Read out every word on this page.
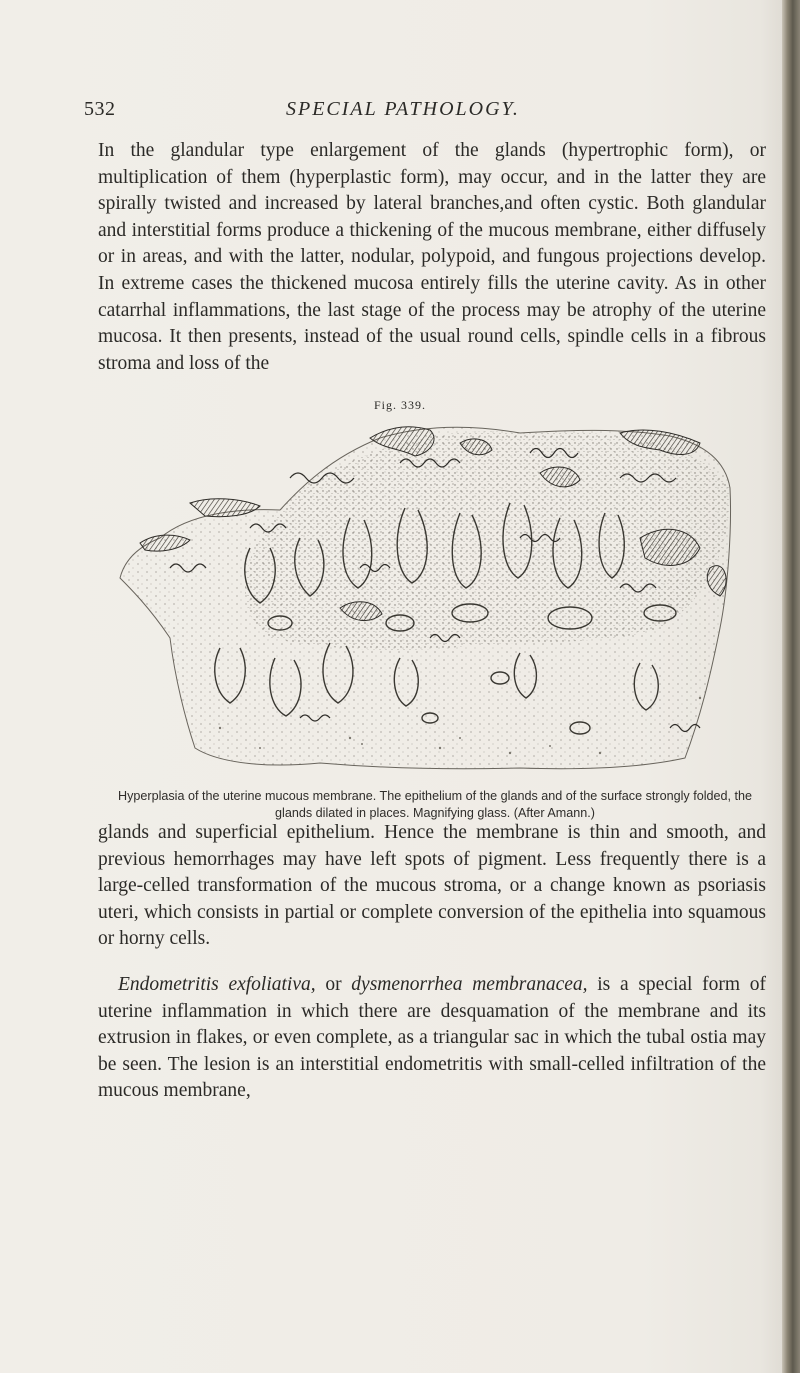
532	SPECIAL PATHOLOGY.

In the glandular type enlargement of the glands (hypertrophic form), or multiplication of them (hyperplastic form), may occur, and in the latter they are spirally twisted and increased by lateral branches,and often cystic. Both glandular and interstitial forms produce a thickening of the mucous membrane, either diffusely or in areas, and with the latter, nodular, polypoid, and fungous projections develop. In extreme cases the thickened mucosa entirely fills the uterine cavity. As in other catarrhal inflammations, the last stage of the process may be atrophy of the uterine mucosa. It then presents, instead of the usual round cells, spindle cells in a fibrous stroma and loss of the

Fig. 339.
Hyperplasia of the uterine mucous membrane. The epithelium of the glands and of the surface strongly folded, the glands dilated in places. Magnifying glass. (After Amann.)

glands and superficial epithelium. Hence the membrane is thin and smooth, and previous hemorrhages may have left spots of pigment. Less frequently there is a large-celled transformation of the mucous stroma, or a change known as psoriasis uteri, which consists in partial or complete conversion of the epithelia into squamous or horny cells.

Endometritis exfoliativa, or dysmenorrhea membranacea, is a special form of uterine inflammation in which there are desquamation of the membrane and its extrusion in flakes, or even complete, as a triangular sac in which the tubal ostia may be seen. The lesion is an interstitial endometritis with small-celled infiltration of the mucous membrane,
